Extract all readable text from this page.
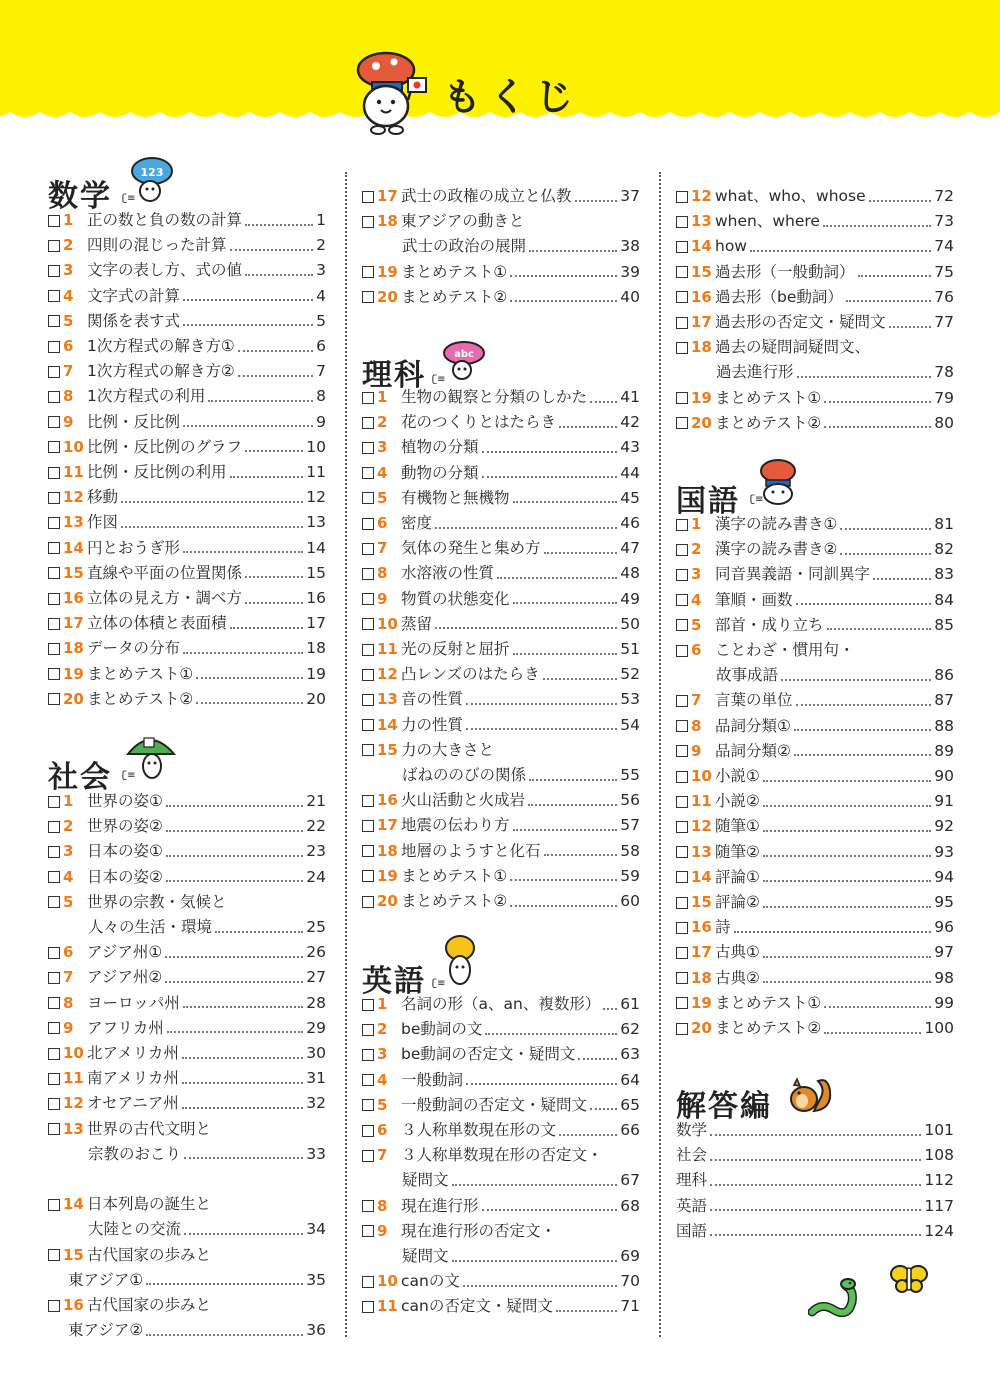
もくじ
数学
123
ʗ≡
1 正の数と負の数の計算	1
2 四則の混じった計算	2
3 文字の表し方、式の値	3
4 文字式の計算	4
5 関係を表す式	5
6 1次方程式の解き方①	6
7 1次方程式の解き方②	7
8 1次方程式の利用	8
9 比例・反比例	9
10 比例・反比例のグラフ	10
11 比例・反比例の利用	11
12 移動	12
13 作図	13
14 円とおうぎ形	14
15 直線や平面の位置関係	15
16 立体の見え方・調べ方	16
17 立体の体積と表面積	17
18 データの分布	18
19 まとめテスト①	19
20 まとめテスト②	20
社会 ʗ≡
1 世界の姿①	21
2 世界の姿②	22
3 日本の姿①	23
4 日本の姿②	24
5 世界の宗教・気候と
人々の生活・環境	25
6 アジア州①	26
7 アジア州②	27
8 ヨーロッパ州	28
9 アフリカ州	29
10 北アメリカ州	30
11 南アメリカ州	31
12 オセアニア州	32
13 世界の古代文明と
宗教のおこり	33
14 日本列島の誕生と
大陸との交流	34
15 古代国家の歩みと
東アジア①	35
16 古代国家の歩みと
東アジア②	36
17 武士の政権の成立と仏教	37
18 東アジアの動きと
武士の政治の展開	38
19 まとめテスト①	39
20 まとめテスト②	40
理科
abc
ʗ≡
1 生物の観察と分類のしかた 41
2 花のつくりとはたらき	42
3 植物の分類	43
4 動物の分類	44
5 有機物と無機物	45
6 密度	46
7 気体の発生と集め方	47
8 水溶液の性質	48
9 物質の状態変化	49
10 蒸留	50
11 光の反射と屈折	51
12 凸レンズのはたらき	52
13 音の性質	53
14 力の性質	54
15 力の大きさと
ばねののびの関係	55
16 火山活動と火成岩	56
17 地震の伝わり方	57
18 地層のようすと化石	58
19 まとめテスト①	59
20 まとめテスト②	60
英語 ʗ≡
1 名詞の形（a、an、複数形） 61
2 be動詞の文	62
3 be動詞の否定文・疑問文	63
4 一般動詞	64
5 一般動詞の否定文・疑問文 65
6 ３人称単数現在形の文	66
7 ３人称単数現在形の否定文・
疑問文	67
8 現在進行形	68
9 現在進行形の否定文・
疑問文	69
10 canの文	70
11 canの否定文・疑問文	71
12 what、who、whose	72
13 when、where	73
14 how	74
15 過去形（一般動詞）	75
16 過去形（be動詞）	76
17 過去形の否定文・疑問文	77
18 過去の疑問詞疑問文、
過去進行形	78
19 まとめテスト①	79
20 まとめテスト②	80
国語 ʗ≡
1 漢字の読み書き①	81
2 漢字の読み書き②	82
3 同音異義語・同訓異字	83
4 筆順・画数	84
5 部首・成り立ち	85
6 ことわざ・慣用句・
故事成語	86
7 言葉の単位	87
8 品詞分類①	88
9 品詞分類②	89
10 小説①	90
11 小説②	91
12 随筆①	92
13 随筆②	93
14 評論①	94
15 評論②	95
16 詩	96
17 古典①	97
18 古典②	98
19 まとめテスト①	99
20 まとめテスト②	100
解答編
数学	101
社会	108
理科	112
英語	117
国語	124
